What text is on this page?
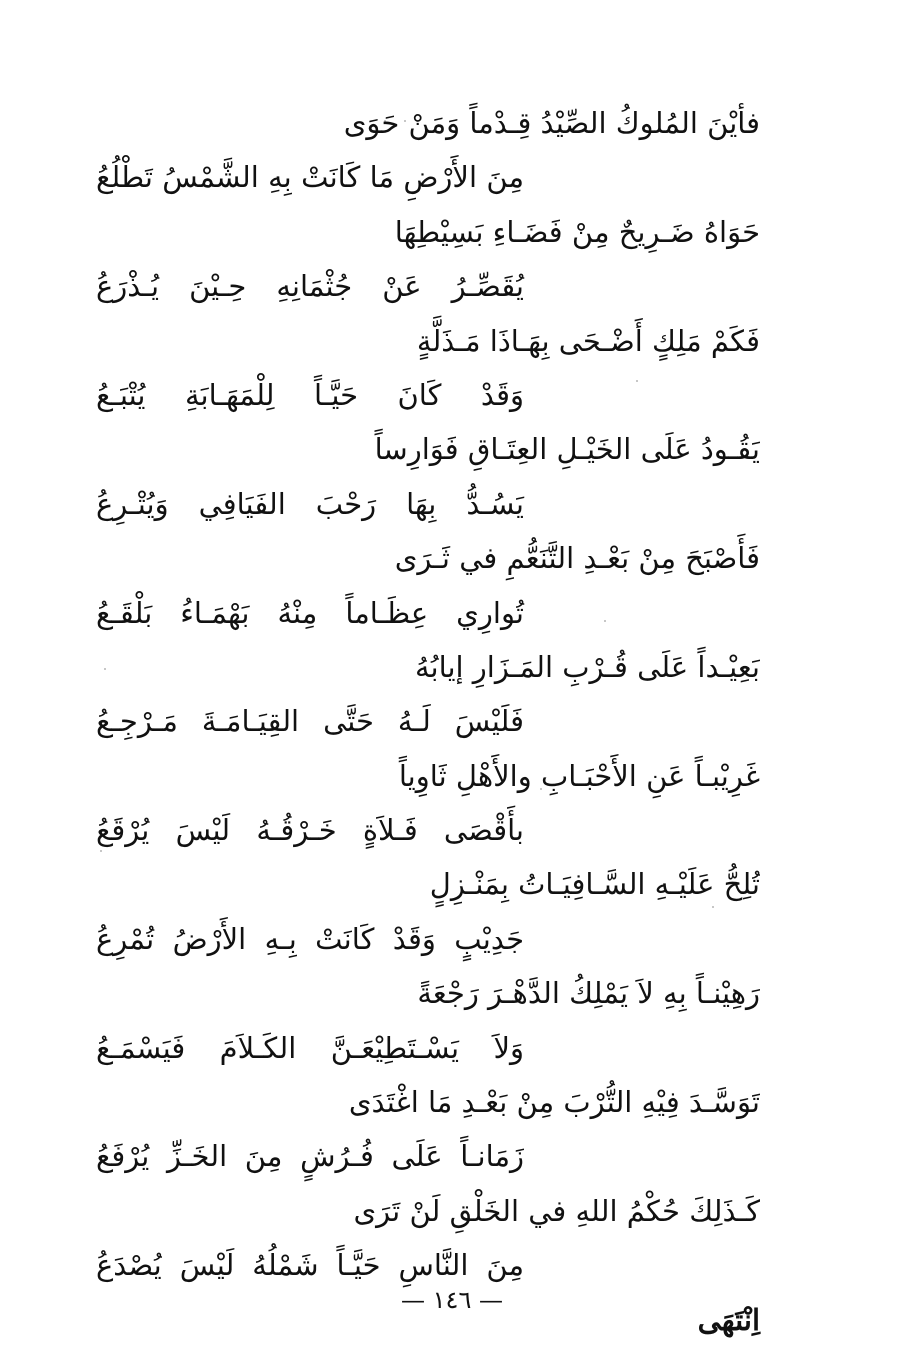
فأيْنَ المُلوكُ الصِّيْدُ قِـدْماً وَمَنْ حَوَى
مِنَ الأَرْضِ مَا كَانَتْ بِهِ الشَّمْسُ تَطْلُعُ
حَوَاهُ ضَـرِيحٌ مِنْ فَضَـاءِ بَسِيْطِهَا
يُقَصِّـرُ عَنْ جُثْمَانِهِ حِـيْنَ يُـذْرَعُ
فَكَمْ مَلِكٍ أَضْـحَى بِهَـاذَا مَـذَلَّةٍ
وَقَدْ كَانَ حَيَّـاً لِلْمَهَـابَةِ يُتْبَـعُ
يَقُـودُ عَلَى الخَيْـلِ العِتَـاقِ فَوَارِساً
يَسُـدُّ بِهَا رَحْبَ الفَيَافِي وَيُتْـرِعُ
فَأَصْبَحَ مِنْ بَعْـدِ التَّنَعُّمِ في ثَـرَى
تُوارِي عِظَـاماً مِنْهُ بَهْمَـاءُ بَلْقَـعُ
بَعِيْـداً عَلَى قُـرْبِ المَـزَارِ إيابُهُ
فَلَيْسَ لَـهُ حَتَّى القِيَـامَـةَ مَـرْجِـعُ
غَرِيْبـاً عَنِ الأَحْبَـابِ والأَهْلِ ثَاوِياً
بأَقْصَى فَـلاَةٍ خَـرْقُـهُ لَيْسَ يُرْقَعُ
تُلِحُّ عَلَيْـهِ السَّـافِيَـاتُ بِمَنْـزِلٍ
جَدِيْبٍ وَقَدْ كَانَتْ بِـهِ الأَرْضُ تُمْرِعُ
رَهِيْنـاً بِهِ لاَ يَمْلِكُ الدَّهْـرَ رَجْعَةً
وَلاَ يَسْـتَطِيْعَـنَّ الكَـلاَمَ فَيَسْمَـعُ
تَوَسَّـدَ فِيْهِ التُّرْبَ مِنْ بَعْـدِ مَا اغْتَدَى
زَمَانـاً عَلَى فُـرُشٍ مِنَ الخَـزِّ يُرْفَعُ
كَـذَلِكَ حُكْمُ اللهِ في الخَلْقِ لَنْ تَرَى
مِنَ النَّاسِ حَيَّـاً شَمْلُهُ لَيْسَ يُصْدَعُ
اِنْتَهَى
— ١٤٦ —
